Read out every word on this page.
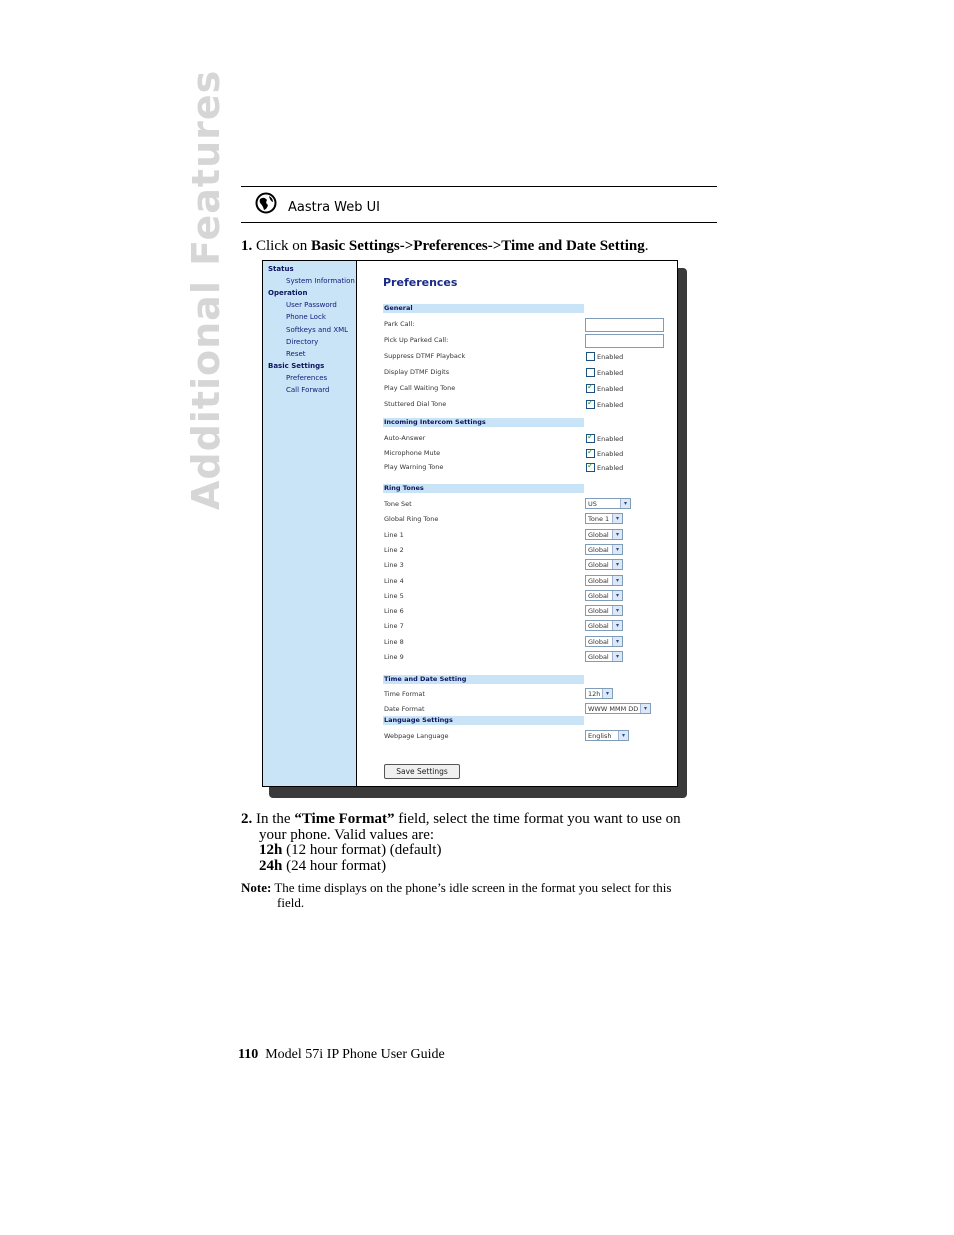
Additional Features	Aastra Web UI
1. Click on Basic Settings->Preferences->Time and Date Setting.
Status
System Information
Operation
User Password
Phone Lock
Softkeys and XML
Directory
Reset
Basic Settings
Preferences
Call Forward
Preferences
General
Park Call:
Pick Up Parked Call:
Suppress DTMF Playback	Enabled
Display DTMF Digits	Enabled
Play Call Waiting Tone	✓ Enabled
Stuttered Dial Tone	✓ Enabled
Incoming Intercom Settings
Auto-Answer	✓ Enabled
Microphone Mute	✓ Enabled
Play Warning Tone	✓ Enabled
Ring Tones
Tone Set	US	▾
Global Ring Tone	Tone 1	▾
Line 1	Global	▾
Line 2	Global	▾
Line 3	Global	▾
Line 4	Global	▾
Line 5	Global	▾
Line 6	Global	▾
Line 7	Global	▾
Line 8	Global	▾
Line 9	Global	▾
Time and Date Setting
Time Format	12h ▾
Date Format	WWW MMM DD ▾
Language Settings
Webpage Language	English	▾
Save Settings
2. In the “Time Format” field, select the time format you want to use on
your phone. Valid values are:
12h (12 hour format) (default)
24h (24 hour format)
Note: The time displays on the phone’s idle screen in the format you select for this
field.
110 Model 57i IP Phone User Guide
